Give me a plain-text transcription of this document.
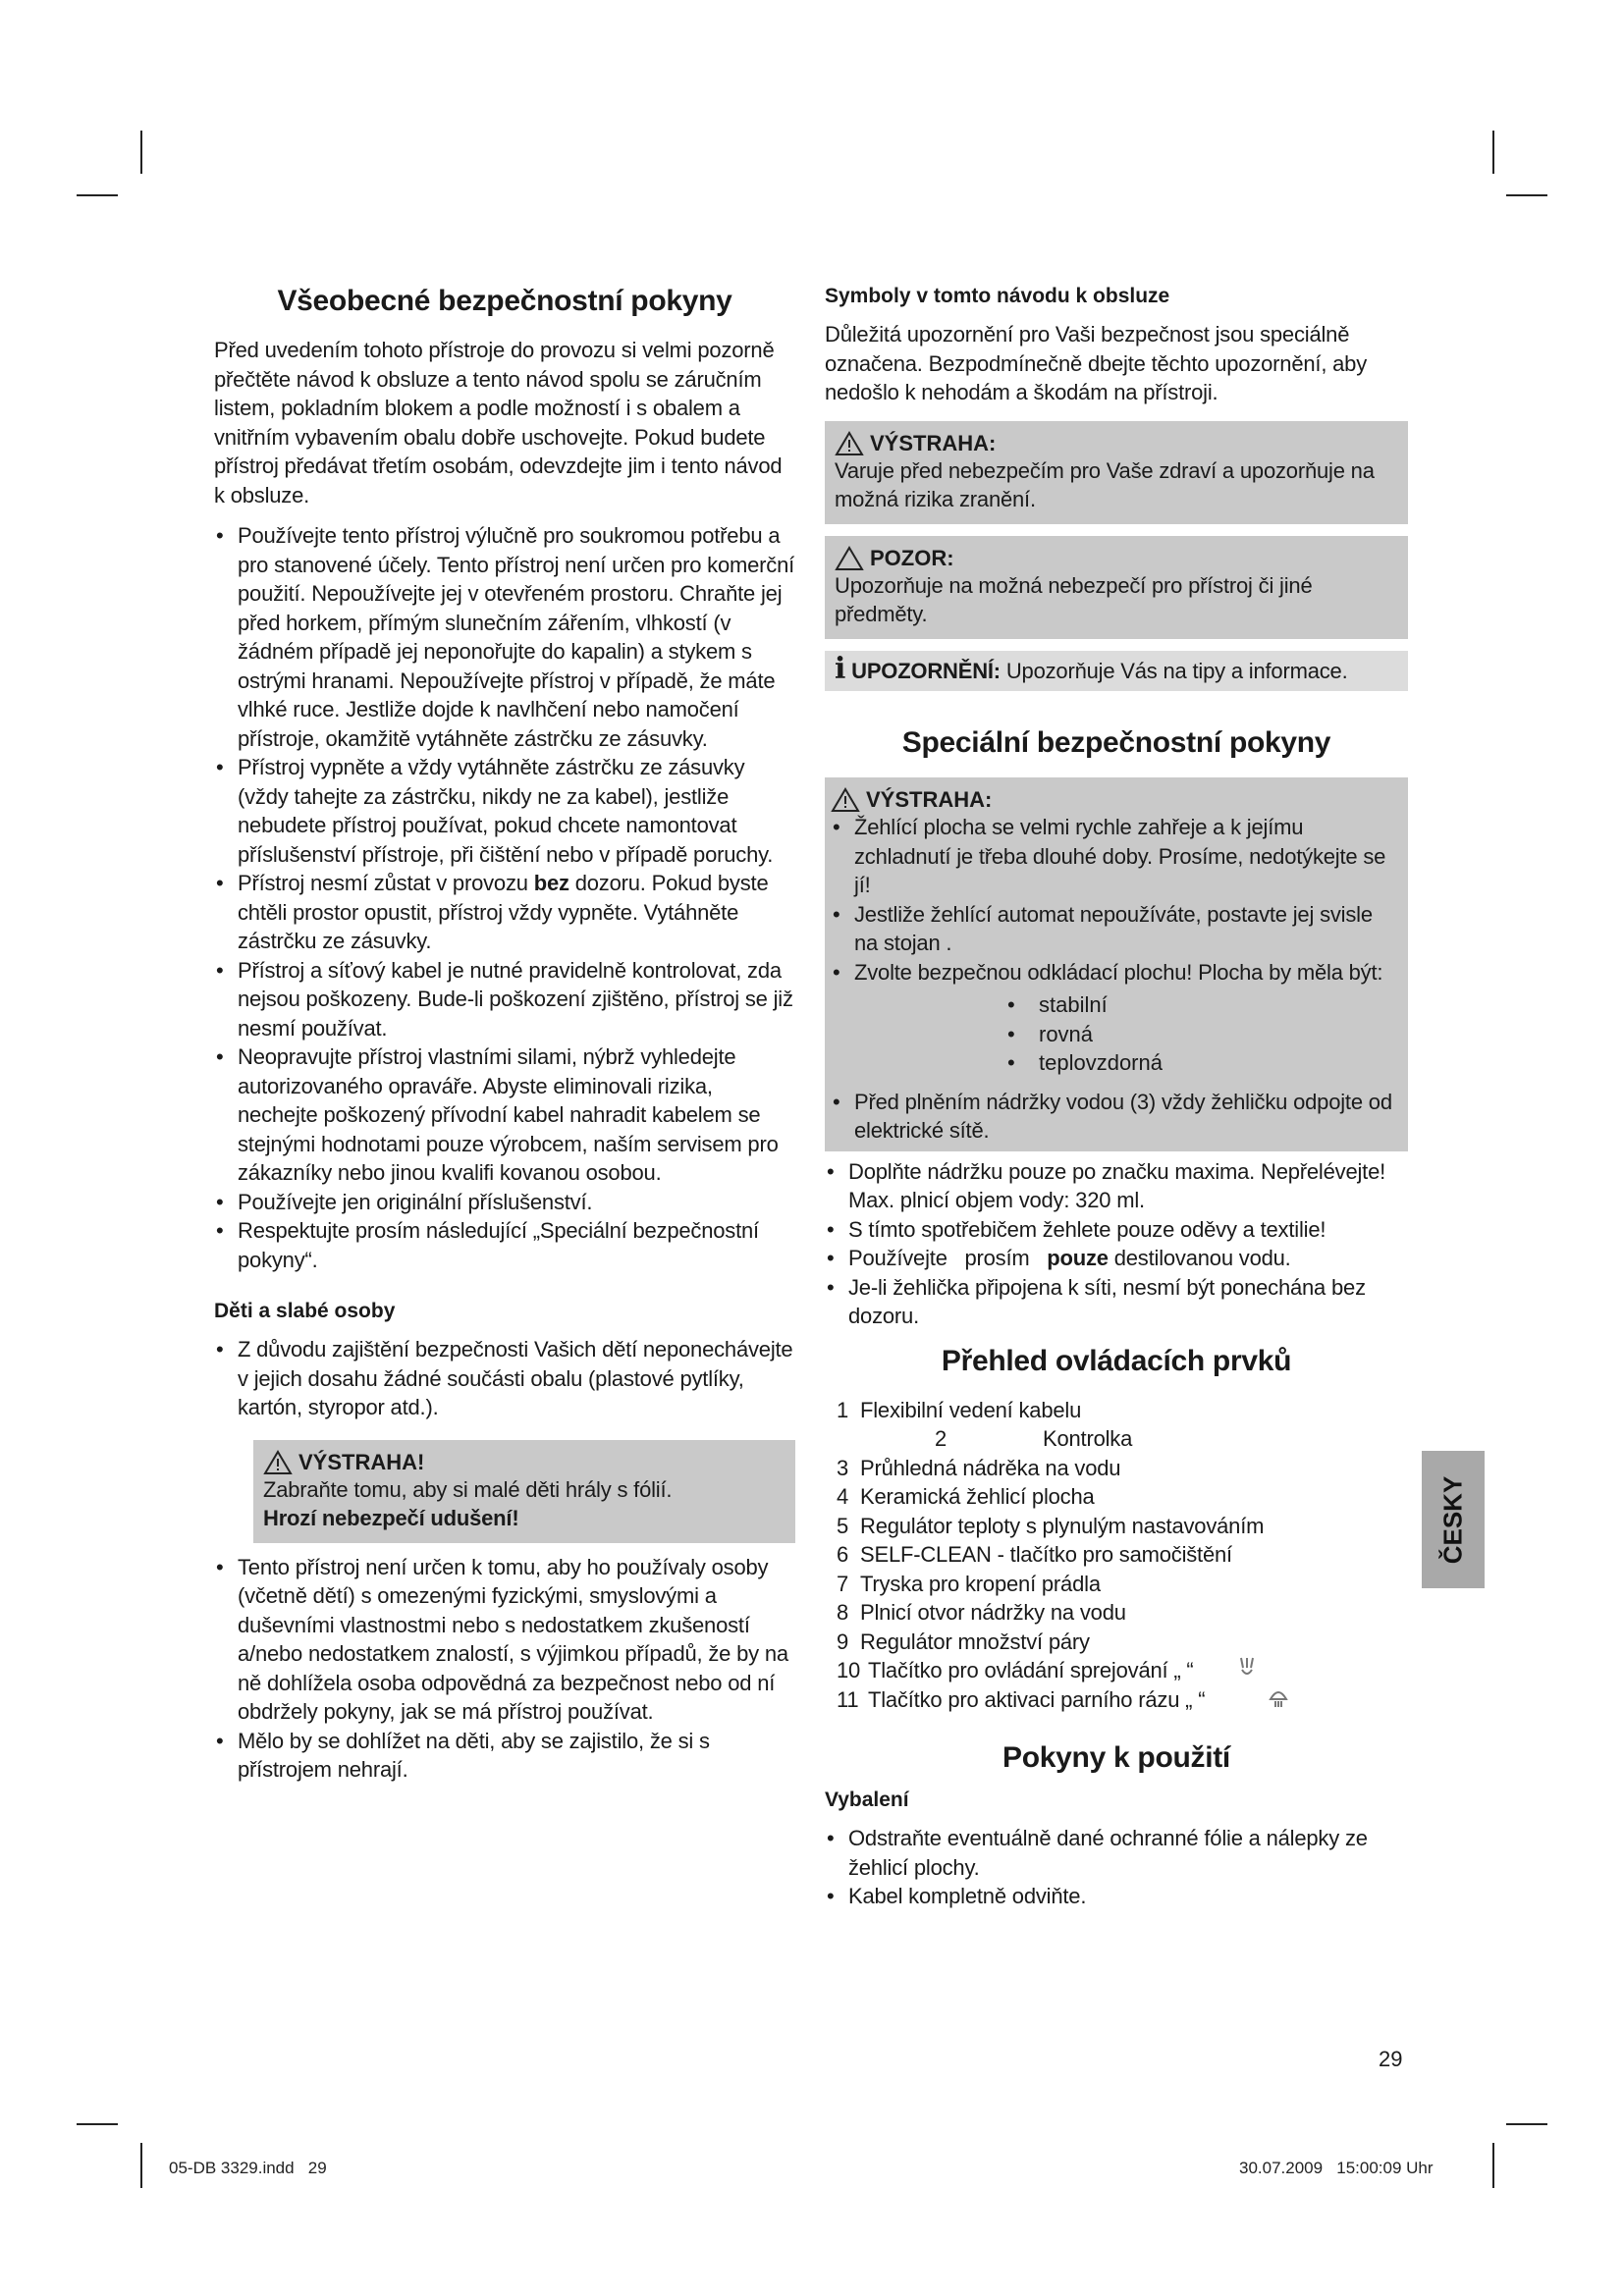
Všeobecné bezpečnostní pokyny

Před uvedením tohoto přístroje do provozu si velmi pozorně přečtěte návod k obsluze a tento návod spolu se záručním listem, pokladním blokem a podle možností i s obalem a vnitřním vybavením obalu dobře uschovejte. Pokud budete přístroj předávat třetím osobám, odevzdejte jim i tento návod k obsluze.

• Používejte tento přístroj výlučně pro soukromou potřebu a pro stanovené účely. Tento přístroj není určen pro komerční použití. Nepoužívejte jej v otevřeném prostoru. Chraňte jej před horkem, přímým slunečním zářením, vlhkostí (v žádném případě jej neponořujte do kapalin) a stykem s ostrými hranami. Nepoužívejte přístroj v případě, že máte vlhké ruce. Jestliže dojde k navlhčení nebo namočení přístroje, okamžitě vytáhněte zástrčku ze zásuvky.
• Přístroj vypněte a vždy vytáhněte zástrčku ze zásuvky (vždy tahejte za zástrčku, nikdy ne za kabel), jestliže nebudete přístroj používat, pokud chcete namontovat příslušenství přístroje, při čištění nebo v případě poruchy.
• Přístroj nesmí zůstat v provozu bez dozoru. Pokud byste chtěli prostor opustit, přístroj vždy vypněte. Vytáhněte zástrčku ze zásuvky.
• Přístroj a síťový kabel je nutné pravidelně kontrolovat, zda nejsou poškozeny. Bude-li poškození zjištěno, přístroj se již nesmí používat.
• Neopravujte přístroj vlastními silami, nýbrž vyhledejte autorizovaného opraváře. Abyste eliminovali rizika, nechejte poškozený přívodní kabel nahradit kabelem se stejnými hodnotami pouze výrobcem, naším servisem pro zákazníky nebo jinou kvalifi kovanou osobou.
• Používejte jen originální příslušenství.
• Respektujte prosím následující „Speciální bezpečnostní pokyny“.
Děti a slabé osoby
• Z důvodu zajištění bezpečnosti Vašich dětí neponechávejte v jejich dosahu žádné součásti obalu (plastové pytlíky, kartón, styropor atd.).
VÝSTRAHA!

Zabraňte tomu, aby si malé děti hrály s fólií.

Hrozí nebezpečí udušení!

• Tento přístroj není určen k tomu, aby ho používaly osoby (včetně dětí) s omezenými fyzickými, smyslovými a duševními vlastnostmi nebo s nedostatkem zkušeností a/nebo nedostatkem znalostí, s výjimkou případů, že by na ně dohlížela osoba odpovědná za bezpečnost nebo od ní obdržely pokyny, jak se má přístroj používat.
• Mělo by se dohlížet na děti, aby se zajistilo, že si s přístrojem nehrají.
Symboly v tomto návodu k obsluze

Důležitá upozornění pro Vaši bezpečnost jsou speciálně označena. Bezpodmínečně dbejte těchto upozornění, aby nedošlo k nehodám a škodám na přístroji.

VÝSTRAHA:

Varuje před nebezpečím pro Vaše zdraví a upozorňuje na možná rizika zranění.

POZOR:

Upozorňuje na možná nebezpečí pro přístroj či jiné předměty.

i UPOZORNĚNÍ: Upozorňuje Vás na tipy a informace.

Speciální bezpečnostní pokyny
VÝSTRAHA:
• Žehlící plocha se velmi rychle zahřeje a k jejímu zchladnutí je třeba dlouhé doby. Prosíme, nedotýkejte se jí!
• Jestliže žehlící automat nepoužíváte, postavte jej svisle na stojan .
• Zvolte bezpečnou odkládací plochu! Plocha by měla být:
• stabilní
• rovná
• teplovzdorná
• Před plněním nádržky vodou (3) vždy žehličku odpojte od elektrické sítě.
• Doplňte nádržku pouze po značku maxima. Nepřelévejte! Max. plnicí objem vody: 320 ml.
• S tímto spotřebičem žehlete pouze oděvy a textilie!
• Používejte   prosím   pouze destilovanou vodu.
• Je-li žehlička připojena k síti, nesmí být ponechána bez dozoru.
Přehled ovládacích prvků
1 Flexibilní vedení kabelu
2	Kontrolka
3 Průhledná nádrěka na vodu
4 Keramická žehlicí plocha
5 Regulátor teploty s plynulým nastavováním
6 SELF-CLEAN - tlačítko pro samočištění
7 Tryska pro kropení prádla
8 Plnicí otvor nádržky na vodu
9 Regulátor množství páry
10 Tlačítko pro ovládání sprejování „ “
11 Tlačítko pro aktivaci parního rázu „ “
Pokyny k použití
Vybalení
• Odstraňte eventuálně dané ochranné fólie a nálepky ze žehlicí plochy.
• Kabel kompletně odviňte.
ČESKY
29
05-DB 3329.indd   29	30.07.2009   15:00:09 Uhr
